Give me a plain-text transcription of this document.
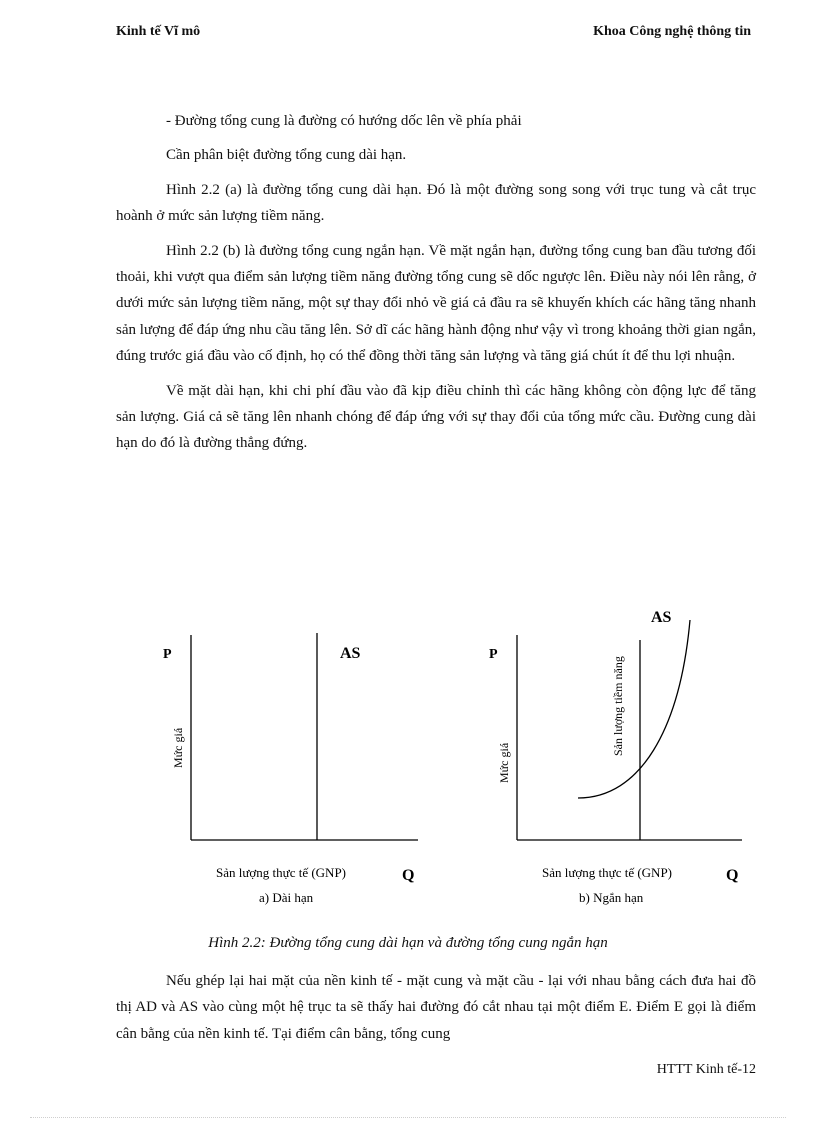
Kinh tế Vĩ mô	Khoa Công nghệ thông tin

- Đường tổng cung là đường có hướng dốc lên về phía phải

Cần phân biệt đường tổng cung dài hạn.

Hình 2.2 (a) là đường tổng cung dài hạn. Đó là một đường song song với trục tung và cắt trục hoành ở mức sản lượng tiềm năng.

Hình 2.2 (b) là đường tổng cung ngắn hạn. Về mặt ngắn hạn, đường tổng cung ban đầu tương đối thoải, khi vượt qua điểm sản lượng tiềm năng đường tổng cung sẽ dốc ngược lên. Điều này nói lên rằng, ở dưới mức sản lượng tiềm năng, một sự thay đổi nhỏ về giá cả đầu ra sẽ khuyến khích các hãng tăng nhanh sản lượng để đáp ứng nhu cầu tăng lên. Sở dĩ các hãng hành động như vậy vì trong khoảng thời gian ngắn, đúng trước giá đầu vào cố định, họ có thể đồng thời tăng sản lượng và tăng giá chút ít để thu lợi nhuận.

Về mặt dài hạn, khi chi phí đầu vào đã kịp điều chỉnh thì các hãng không còn động lực để tăng sản lượng. Giá cả sẽ tăng lên nhanh chóng để đáp ứng với sự thay đổi của tổng mức cầu. Đường cung dài hạn do đó là đường thẳng đứng.

P	AS
Mức giá
Sản lượng thực tế (GNP)	Q
a) Dài hạn
AS
P
Mức giá
Sản lượng tiềm năng
Sản lượng thực tế (GNP)	Q
b) Ngắn hạn
Hình 2.2: Đường tổng cung dài hạn và đường tổng cung ngắn hạn

Nếu ghép lại hai mặt của nền kinh tế - mặt cung và mặt cầu - lại với nhau bằng cách đưa hai đồ thị AD và AS vào cùng một hệ trục ta sẽ thấy hai đường đó cắt nhau tại một điểm E. Điểm E gọi là điểm cân bằng của nền kinh tế. Tại điểm cân bằng, tổng cung

HTTT Kinh tế-12
